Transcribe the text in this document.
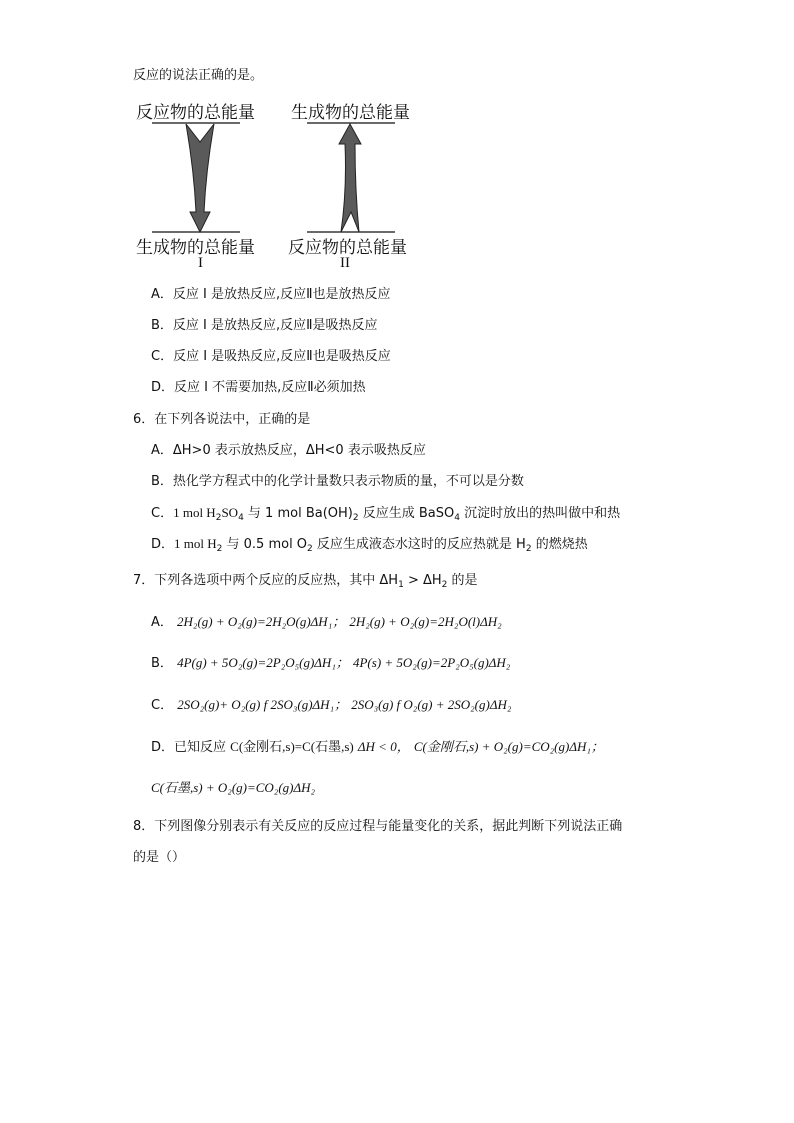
反应的说法正确的是。
反应物的总能量 生成物的总能量
生成物的总能量 反应物的总能量
I	II
A．反应 I 是放热反应,反应Ⅱ也是放热反应
B．反应 I 是放热反应,反应Ⅱ是吸热反应
C．反应 I 是吸热反应,反应Ⅱ也是吸热反应
D．反应 I 不需要加热,反应Ⅱ必须加热
6．在下列各说法中，正确的是
A．ΔH>0 表示放热反应，ΔH<0 表示吸热反应
B．热化学方程式中的化学计量数只表示物质的量，不可以是分数
C．1 mol $H_2SO_4$ 与 1 mol $Ba(OH)_2$ 反应生成 BaSO$_4$ 沉淀时放出的热叫做中和热
D．1 mol $H_2$ 与 0.5 mol $O_2$ 反应生成液态水这时的反应热就是 $H_2$ 的燃烧热
7．下列各选项中两个反应的反应热，其中 $\Delta H_1 > \Delta H_2$ 的是
A． 2H₂(g) + O₂(g)=2H₂O(g)ΔH₁； 2H₂(g) + O₂(g)=2H₂O(l)ΔH₂
B． 4P(g) + 5O₂(g)=2P₂O₅(g)ΔH₁； 4P(s) + 5O₂(g)=2P₂O₅(g)ΔH₂
C． 2SO₂(g)+ O₂(g) f 2SO₃(g)ΔH₁； 2SO₃(g) f O₂(g) + 2SO₂(g)ΔH₂
D．已知反应 C(金刚石,s)=C(石墨,s) ΔH < 0， C(金刚石,s) + O₂(g)=CO₂(g)ΔH₁；
C(石墨,s) + O₂(g)=CO₂(g)ΔH₂
8．下列图像分别表示有关反应的反应过程与能量变化的关系，据此判断下列说法正确
的是（）
